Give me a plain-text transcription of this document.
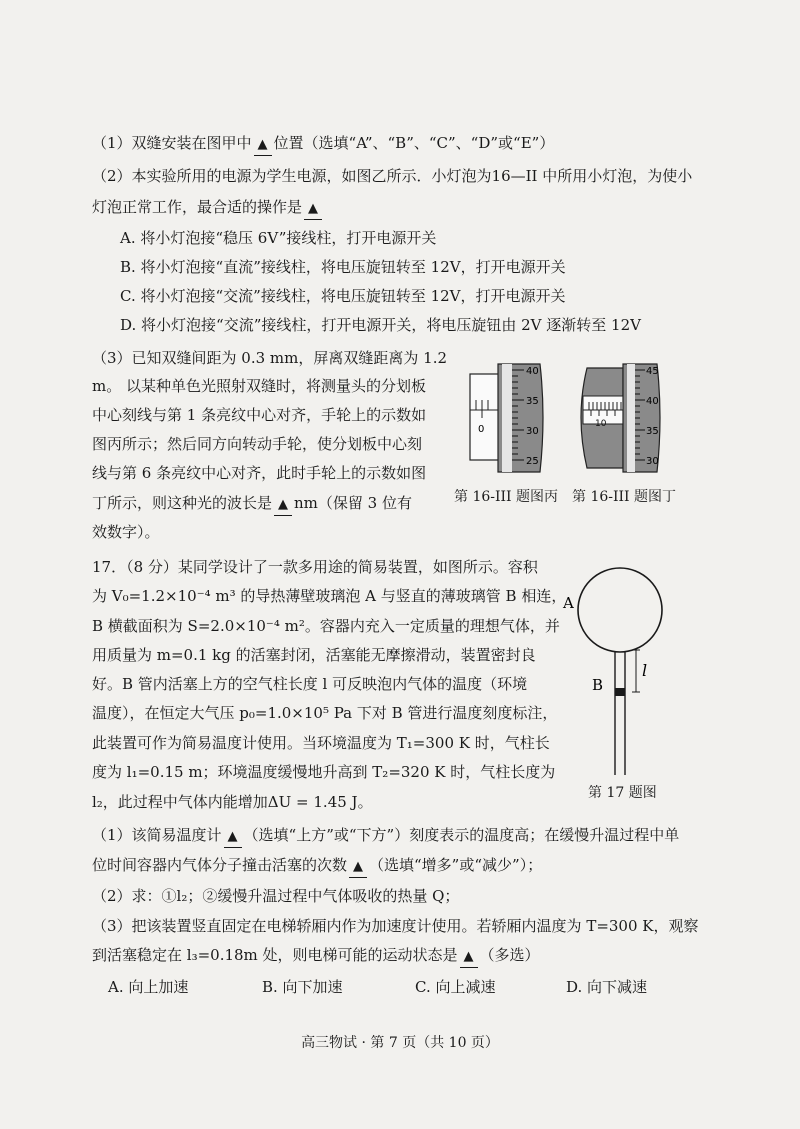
（1）双缝安装在图甲中 ▲ 位置（选填“A”、“B”、“C”、“D”或“E”）
（2）本实验所用的电源为学生电源，如图乙所示．小灯泡为16—II 中所用小灯泡，为使小
灯泡正常工作，最合适的操作是 ▲
A. 将小灯泡接“稳压 6V”接线柱，打开电源开关
B. 将小灯泡接“直流”接线柱，将电压旋钮转至 12V，打开电源开关
C. 将小灯泡接“交流”接线柱，将电压旋钮转至 12V，打开电源开关
D. 将小灯泡接“交流”接线柱，打开电源开关，将电压旋钮由 2V 逐渐转至 12V
（3）已知双缝间距为 0.3 mm，屏离双缝距离为 1.2
m。 以某种单色光照射双缝时，将测量头的分划板
中心刻线与第 1 条亮纹中心对齐，手轮上的示数如
图丙所示；然后同方向转动手轮，使分划板中心刻
线与第 6 条亮纹中心对齐，此时手轮上的示数如图
丁所示，则这种光的波长是 ▲ nm（保留 3 位有
效数字）。
40
35
30
25
0
45
40
35
30
10
第 16-III 题图丙 第 16-III 题图丁
17．（8 分）某同学设计了一款多用途的简易装置，如图所示。容积
为 V₀=1.2×10⁻⁴ m³ 的导热薄壁玻璃泡 A 与竖直的薄玻璃管 B 相连，
B 横截面积为 S=2.0×10⁻⁴ m²。容器内充入一定质量的理想气体，并
用质量为 m=0.1 kg 的活塞封闭，活塞能无摩擦滑动，装置密封良
好。B 管内活塞上方的空气柱长度 l 可反映泡内气体的温度（环境
温度），在恒定大气压 p₀=1.0×10⁵ Pa 下对 B 管进行温度刻度标注，
此装置可作为简易温度计使用。当环境温度为 T₁=300 K 时，气柱长
度为 l₁=0.15 m；环境温度缓慢地升高到 T₂=320 K 时，气柱长度为
l₂，此过程中气体内能增加ΔU = 1.45 J。
A
B
l
第 17 题图
（1）该简易温度计 ▲ （选填“上方”或“下方”）刻度表示的温度高；在缓慢升温过程中单
位时间容器内气体分子撞击活塞的次数 ▲ （选填“增多”或“减少”）；
（2）求：①l₂；②缓慢升温过程中气体吸收的热量 Q；
（3）把该装置竖直固定在电梯轿厢内作为加速度计使用。若轿厢内温度为 T=300 K，观察
到活塞稳定在 l₃=0.18m 处，则电梯可能的运动状态是 ▲ （多选）
A. 向上加速	B. 向下加速	C. 向上减速	D. 向下减速
高三物试 · 第 7 页（共 10 页）
